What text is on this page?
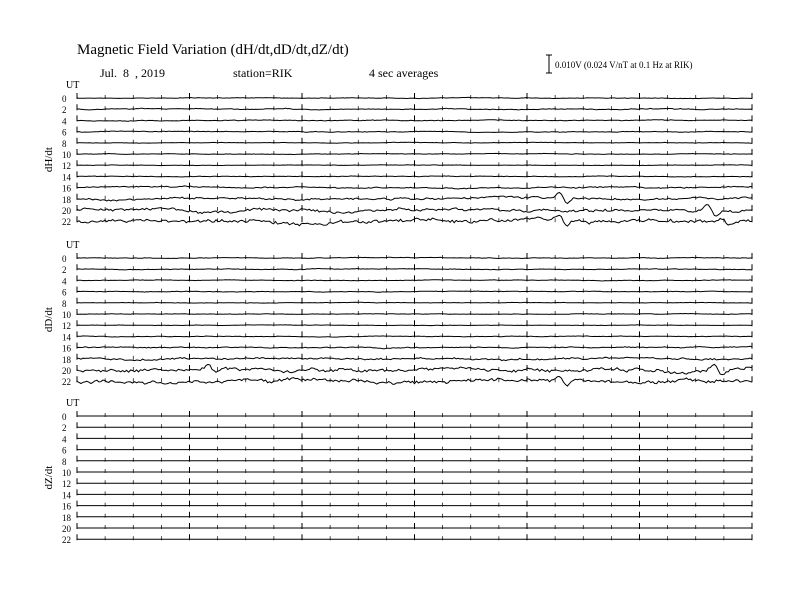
Magnetic Field Variation (dH/dt,dD/dt,dZ/dt)
Jul.  8  , 2019	station=RIK	4 sec averages
0.010V (0.024 V/nT at 0.1 Hz at RIK)
UT
dH/dt
0
2
4
6
8
10
12
14
16
18
20
22
UT
dD/dt
0
2
4
6
8
10
12
14
16
18
20
22
UT
dZ/dt
0
2
4
6
8
10
12
14
16
18
20
22
